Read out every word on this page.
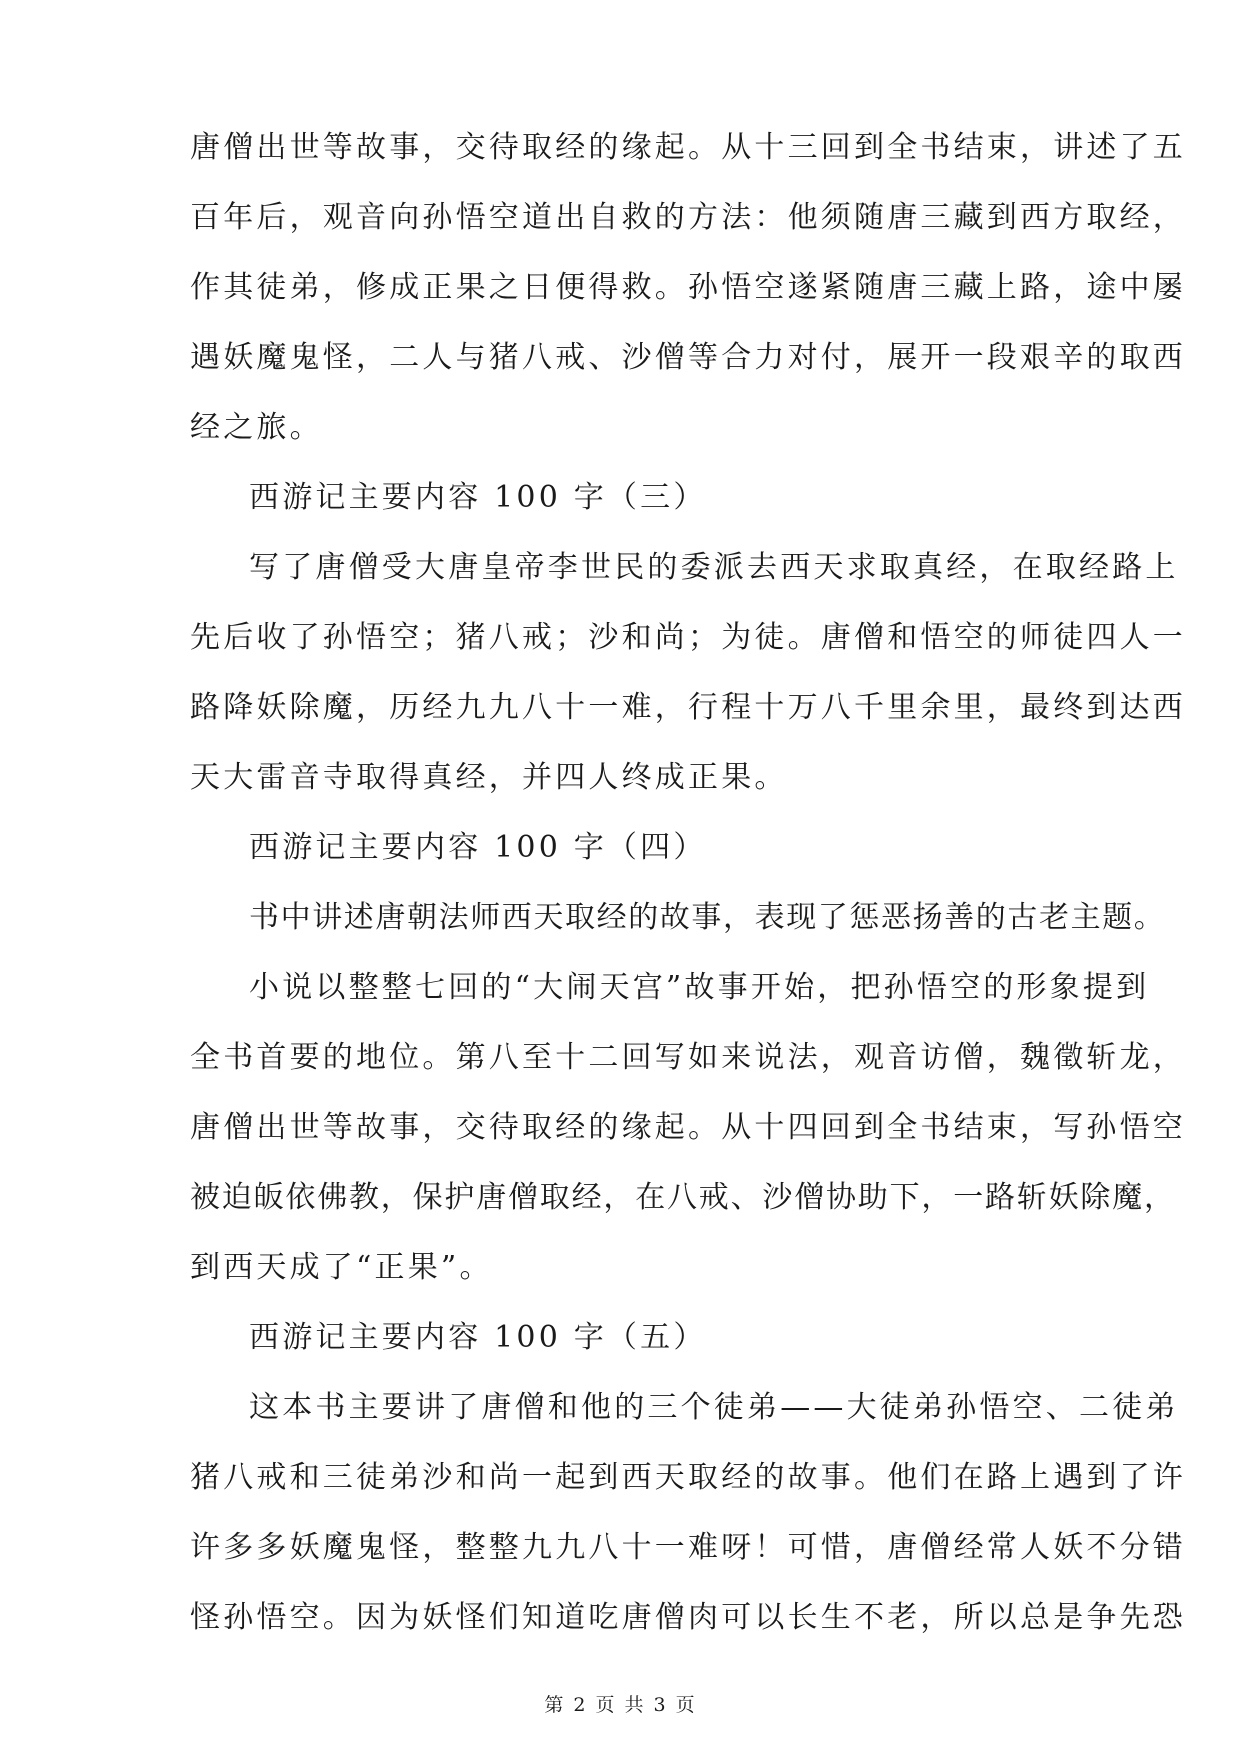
第 2 页 共 3 页
唐僧出世等故事，交待取经的缘起。从十三回到全书结束，讲述了五
百年后，观音向孙悟空道出自救的方法：他须随唐三藏到西方取经，
作其徒弟，修成正果之日便得救。孙悟空遂紧随唐三藏上路，途中屡
遇妖魔鬼怪，二人与猪八戒、沙僧等合力对付，展开一段艰辛的取西
经之旅。
西游记主要内容 100 字（三）
写了唐僧受大唐皇帝李世民的委派去西天求取真经，在取经路上
先后收了孙悟空；猪八戒；沙和尚；为徒。唐僧和悟空的师徒四人一
路降妖除魔，历经九九八十一难，行程十万八千里余里，最终到达西
天大雷音寺取得真经，并四人终成正果。
西游记主要内容 100 字（四）
书中讲述唐朝法师西天取经的故事，表现了惩恶扬善的古老主题。
小说以整整七回的“大闹天宫”故事开始，把孙悟空的形象提到
全书首要的地位。第八至十二回写如来说法，观音访僧，魏徵斩龙，
唐僧出世等故事，交待取经的缘起。从十四回到全书结束，写孙悟空
被迫皈依佛教，保护唐僧取经，在八戒、沙僧协助下，一路斩妖除魔，
到西天成了“正果”。
西游记主要内容 100 字（五）
这本书主要讲了唐僧和他的三个徒弟——大徒弟孙悟空、二徒弟
猪八戒和三徒弟沙和尚一起到西天取经的故事。他们在路上遇到了许
许多多妖魔鬼怪，整整九九八十一难呀！可惜，唐僧经常人妖不分错
怪孙悟空。因为妖怪们知道吃唐僧肉可以长生不老，所以总是争先恐
